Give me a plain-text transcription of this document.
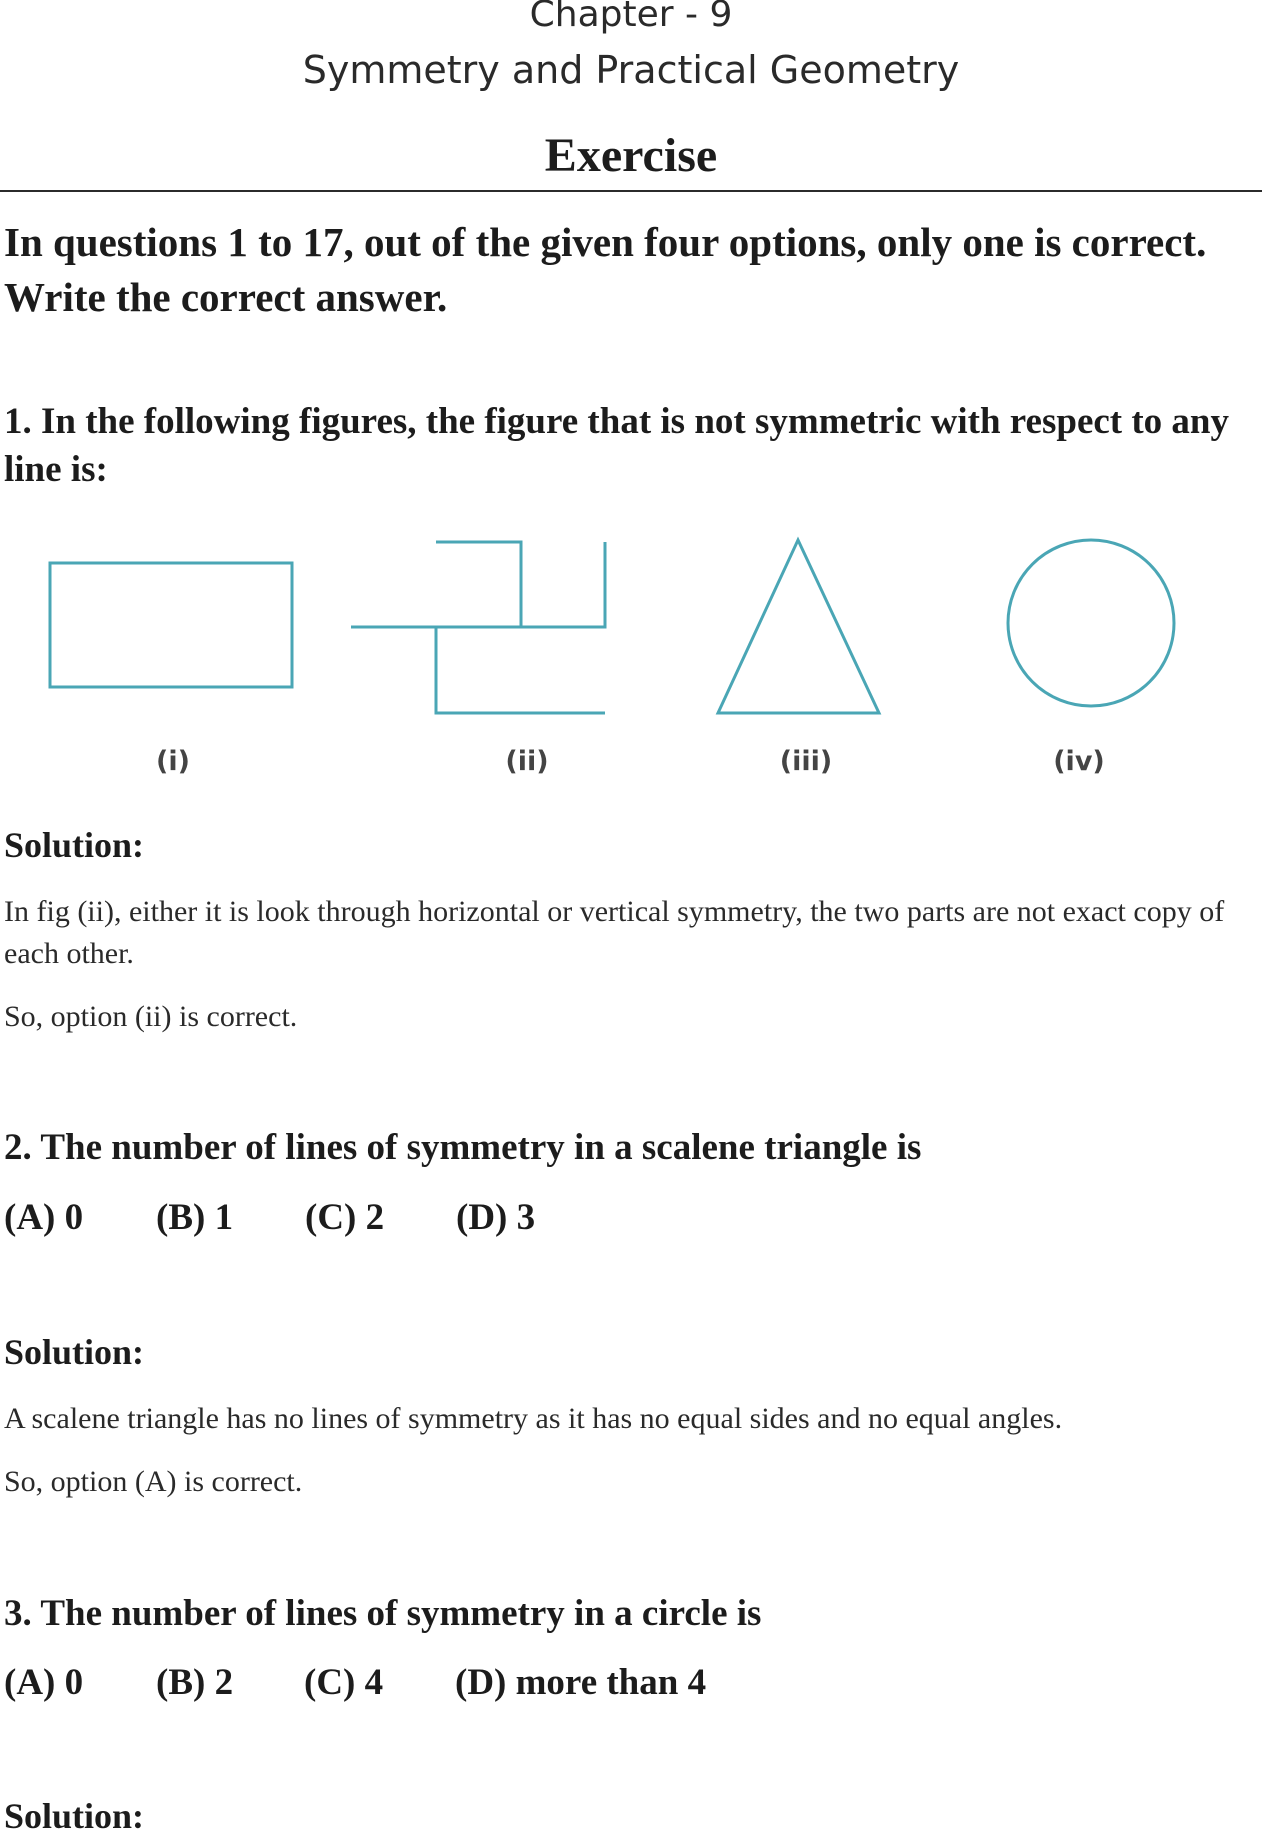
Chapter - 9
Symmetry and Practical Geometry
Exercise
In questions 1 to 17, out of the given four options, only one is correct. Write the correct answer.
1. In the following figures, the figure that is not symmetric with respect to any line is:
(i)	(ii)	(iii)	(iv)
Solution:
In fig (ii), either it is look through horizontal or vertical symmetry, the two parts are not exact copy of each other.
So, option (ii) is correct.
2. The number of lines of symmetry in a scalene triangle is
(A) 0 (B) 1 (C) 2 (D) 3
Solution:
A scalene triangle has no lines of symmetry as it has no equal sides and no equal angles.
So, option (A) is correct.
3. The number of lines of symmetry in a circle is
(A) 0 (B) 2 (C) 4 (D) more than 4
Solution:
